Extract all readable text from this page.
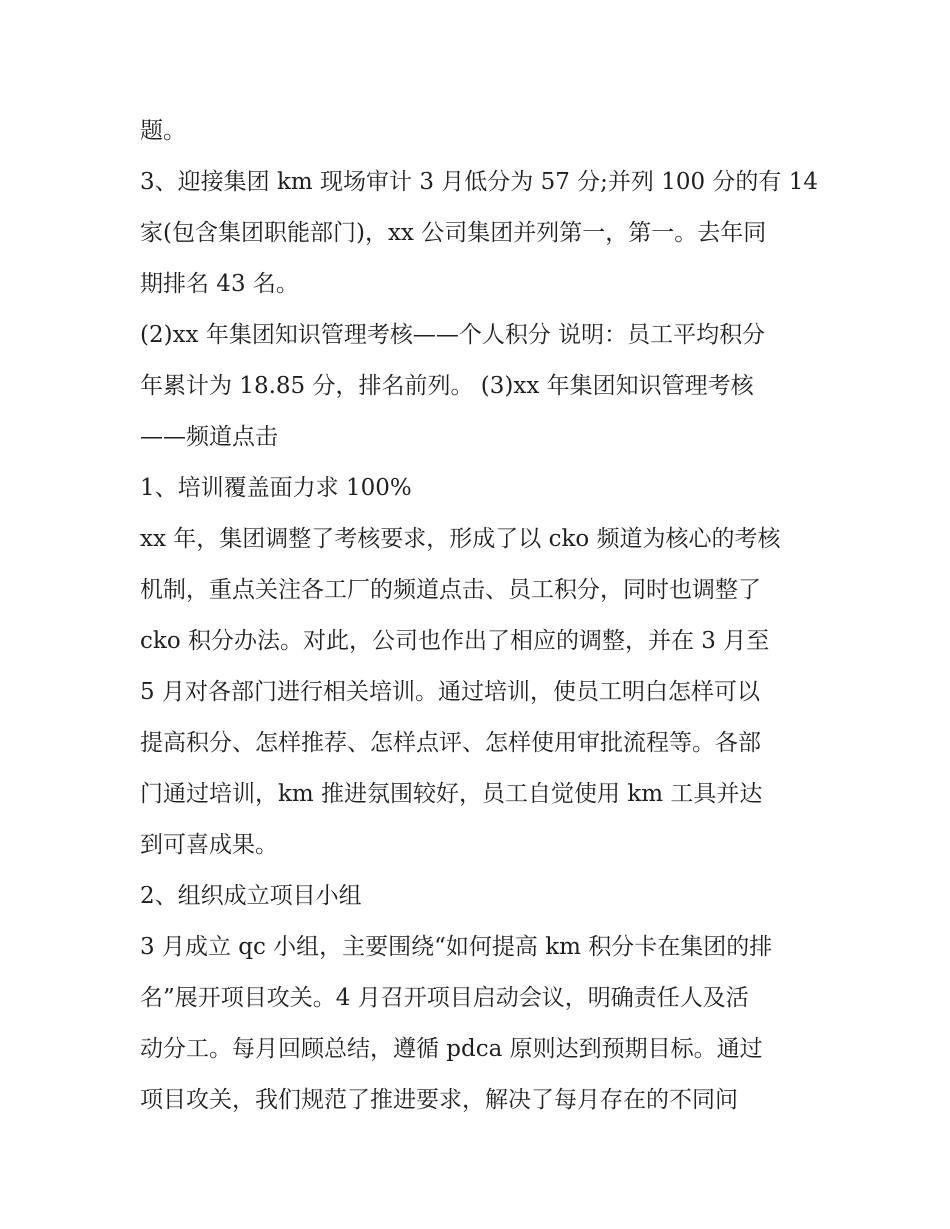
题。
3、迎接集团 km 现场审计 3 月低分为 57 分;并列 100 分的有 14
家(包含集团职能部门)，xx 公司集团并列第一，第一。去年同
期排名 43 名。
(2)xx 年集团知识管理考核——个人积分 说明：员工平均积分
年累计为 18.85 分，排名前列。 (3)xx 年集团知识管理考核
——频道点击
1、培训覆盖面力求 100%
xx 年，集团调整了考核要求，形成了以 cko 频道为核心的考核
机制，重点关注各工厂的频道点击、员工积分，同时也调整了
cko 积分办法。对此，公司也作出了相应的调整，并在 3 月至
5 月对各部门进行相关培训。通过培训，使员工明白怎样可以
提高积分、怎样推荐、怎样点评、怎样使用审批流程等。各部
门通过培训，km 推进氛围较好，员工自觉使用 km 工具并达
到可喜成果。
2、组织成立项目小组
3 月成立 qc 小组，主要围绕“如何提高 km 积分卡在集团的排
名”展开项目攻关。4 月召开项目启动会议，明确责任人及活
动分工。每月回顾总结，遵循 pdca 原则达到预期目标。通过
项目攻关，我们规范了推进要求，解决了每月存在的不同问
